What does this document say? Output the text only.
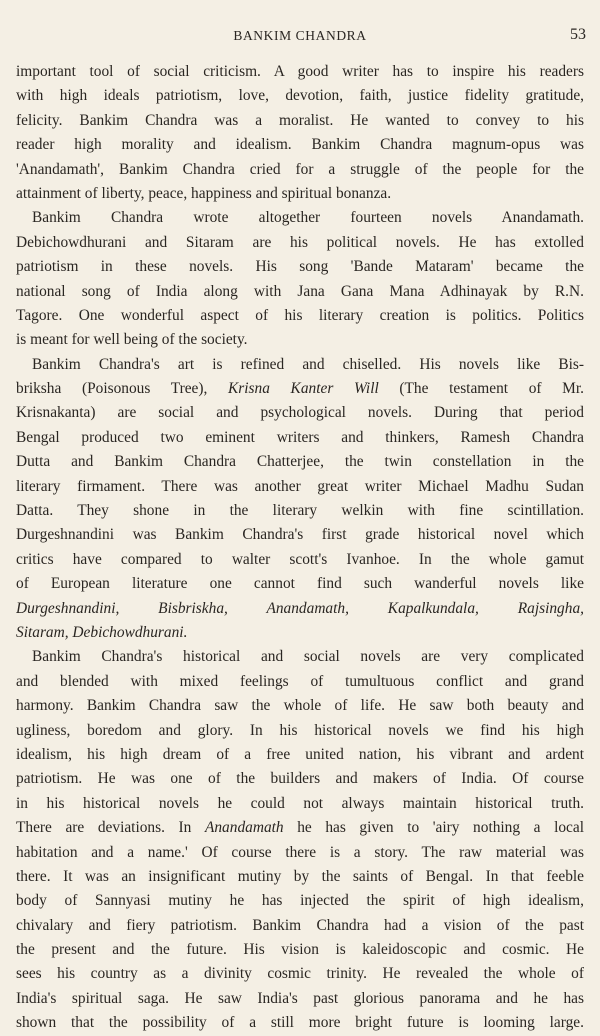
BANKIM CHANDRA	53
important tool of social criticism. A good writer has to inspire his readers
with high ideals patriotism, love, devotion, faith, justice fidelity gratitude,
felicity. Bankim Chandra was a moralist. He wanted to convey to his
reader high morality and idealism. Bankim Chandra magnum-opus was
'Anandamath', Bankim Chandra cried for a struggle of the people for the
attainment of liberty, peace, happiness and spiritual bonanza.
Bankim Chandra wrote altogether fourteen novels Anandamath.
Debichowdhurani and Sitaram are his political novels. He has extolled
patriotism in these novels. His song 'Bande Mataram' became the
national song of India along with Jana Gana Mana Adhinayak by R.N.
Tagore. One wonderful aspect of his literary creation is politics. Politics
is meant for well being of the society.
Bankim Chandra's art is refined and chiselled. His novels like Bis-
briksha (Poisonous Tree), Krisna Kanter Will (The testament of Mr.
Krisnakanta) are social and psychological novels. During that period
Bengal produced two eminent writers and thinkers, Ramesh Chandra
Dutta and Bankim Chandra Chatterjee, the twin constellation in the
literary firmament. There was another great writer Michael Madhu Sudan
Datta. They shone in the literary welkin with fine scintillation.
Durgeshnandini was Bankim Chandra's first grade historical novel which
critics have compared to walter scott's Ivanhoe. In the whole gamut
of European literature one cannot find such wanderful novels like
Durgeshnandini, Bisbriskha, Anandamath, Kapalkundala, Rajsingha,
Sitaram, Debichowdhurani.
Bankim Chandra's historical and social novels are very complicated
and blended with mixed feelings of tumultuous conflict and grand
harmony. Bankim Chandra saw the whole of life. He saw both beauty and
ugliness, boredom and glory. In his historical novels we find his high
idealism, his high dream of a free united nation, his vibrant and ardent
patriotism. He was one of the builders and makers of India. Of course
in his historical novels he could not always maintain historical truth.
There are deviations. In Anandamath he has given to 'airy nothing a local
habitation and a name.' Of course there is a story. The raw material was
there. It was an insignificant mutiny by the saints of Bengal. In that feeble
body of Sannyasi mutiny he has injected the spirit of high idealism,
chivalary and fiery patriotism. Bankim Chandra had a vision of the past
the present and the future. His vision is kaleidoscopic and cosmic. He
sees his country as a divinity cosmic trinity. He revealed the whole of
India's spiritual saga. He saw India's past glorious panorama and he has
shown that the possibility of a still more bright future is looming large.
